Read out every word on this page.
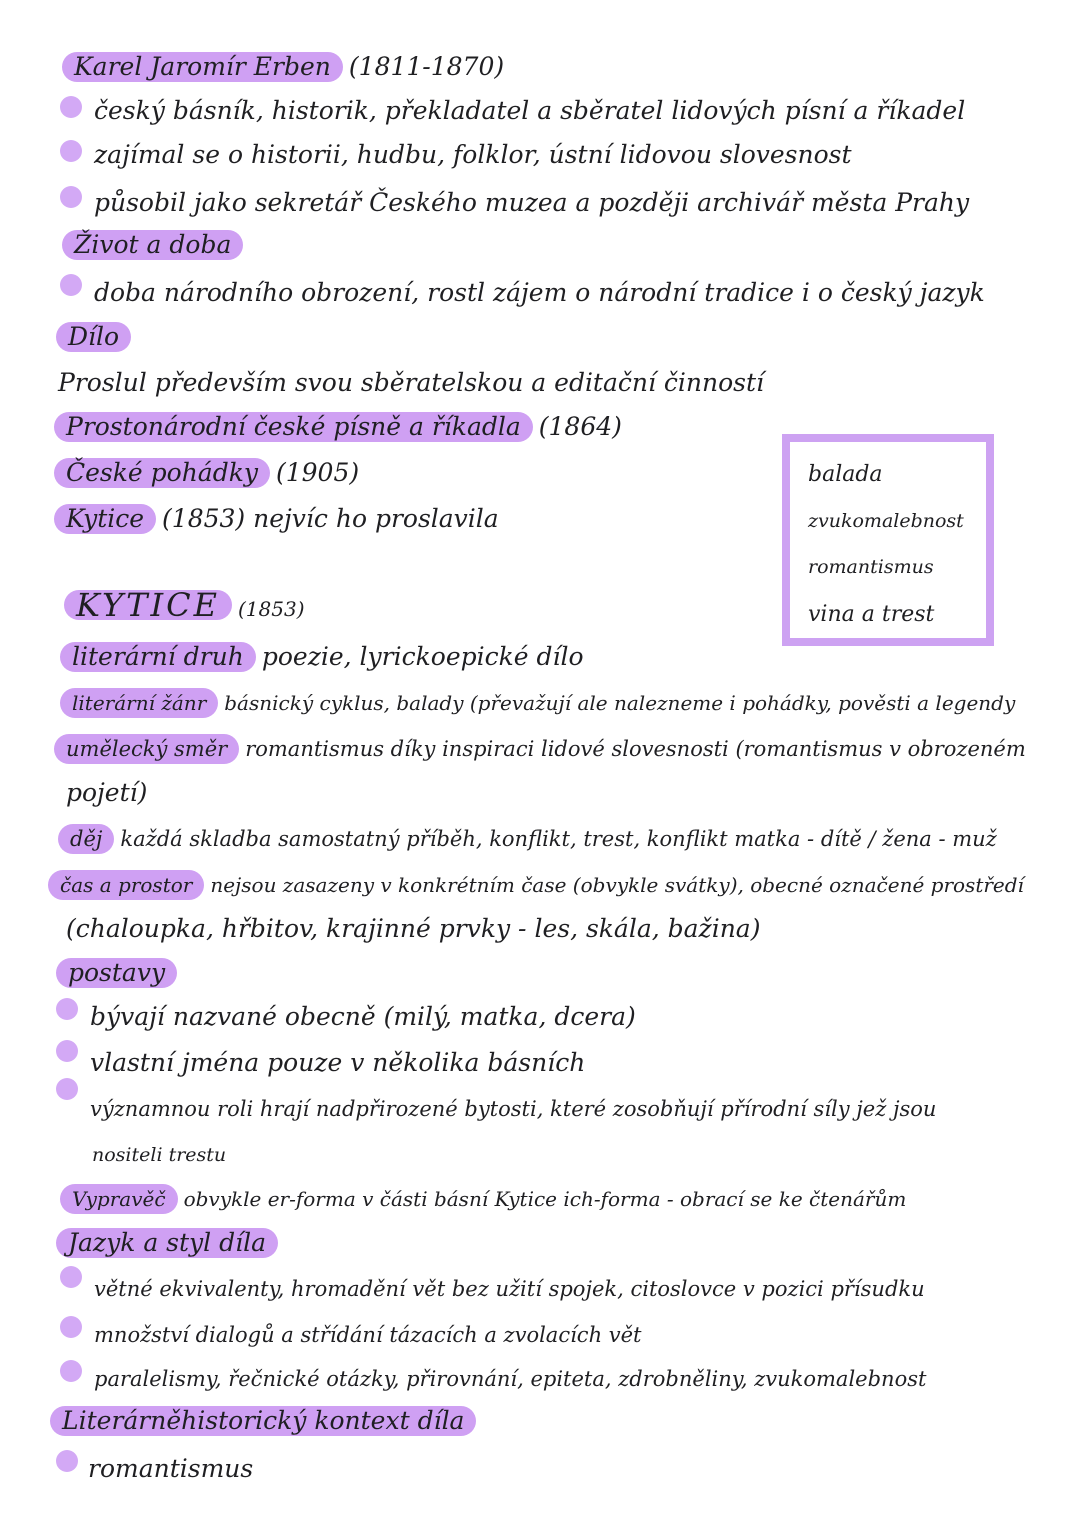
Karel Jaromír Erben (1811-1870)
český básník, historik, překladatel a sběratel lidových písní a říkadel
zajímal se o historii, hudbu, folklor, ústní lidovou slovesnost
působil jako sekretář Českého muzea a později archivář města Prahy
Život a doba
doba národního obrození, rostl zájem o národní tradice i o český jazyk
Dílo
Proslul především svou sběratelskou a editační činností
Prostonárodní české písně a říkadla (1864)
České pohádky (1905)
Kytice (1853) nejvíc ho proslavila
balada
zvukomalebnost
romantismus
vina a trest
KYTICE (1853)
literární druh poezie, lyrickoepické dílo
literární žánr básnický cyklus, balady (převažují ale nalezneme i pohádky, pověsti a legendy
umělecký směr romantismus díky inspiraci lidové slovesnosti (romantismus v obrozeném
pojetí)
děj každá skladba samostatný příběh, konflikt, trest, konflikt matka - dítě / žena - muž
čas a prostor nejsou zasazeny v konkrétním čase (obvykle svátky), obecné označené prostředí
(chaloupka, hřbitov, krajinné prvky - les, skála, bažina)
postavy
bývají nazvané obecně (milý, matka, dcera)
vlastní jména pouze v několika básních
významnou roli hrají nadpřirozené bytosti, které zosobňují přírodní síly jež jsou
nositeli trestu
Vypravěč obvykle er-forma v části básní Kytice ich-forma - obrací se ke čtenářům
Jazyk a styl díla
větné ekvivalenty, hromadění vět bez užití spojek, citoslovce v pozici přísudku
množství dialogů a střídání tázacích a zvolacích vět
paralelismy, řečnické otázky, přirovnání, epiteta, zdrobněliny, zvukomalebnost
Literárněhistorický kontext díla
romantismus
